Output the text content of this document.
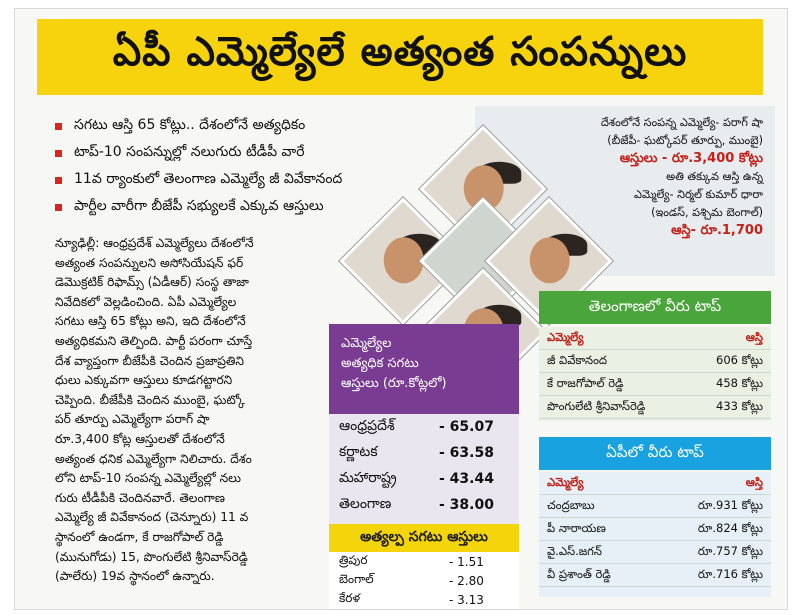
ఏపీ ఎమ్మెల్యేలే అత్యంత సంపన్నులు
సగటు ఆస్తి 65 కోట్లు.. దేశంలోనే అత్యధికం
టాప్-10 సంపన్నుల్లో నలుగురు టీడీపీ వారే
11వ ర్యాంకులో తెలంగాణ ఎమ్మెల్యే జీ వివేకానంద
పార్టీల వారీగా బీజేపీ సభ్యులకే ఎక్కువ ఆస్తులు
న్యూఢిల్లీ: ఆంధ్రప్రదేశ్ ఎమ్మెల్యేలు దేశంలోనే
అత్యంత సంపన్నులని అసోసియేషన్ ఫర్
డెమొక్రటిక్ రిఫామ్స్ (ఏడీఆర్) సంస్థ తాజా
నివేదికలో వెల్లడించింది. ఏపీ ఎమ్మెల్యేల
సగటు ఆస్తి 65 కోట్లు అని, ఇది దేశంలోనే
అత్యధికమని తెల్పింది. పార్టీ పరంగా చూస్తే
దేశ వ్యాప్తంగా బీజేపీకి చెందిన ప్రజాప్రతిని
ధులు ఎక్కువగా ఆస్తులు కూడగట్టారని
చెప్పింది. బీజేపీకి చెందిన ముంబై, ఘట్కో
పర్ తూర్పు ఎమ్మెల్యేగా పరాగ్ షా
రూ.3,400 కోట్ల ఆస్తులతో దేశంలోనే
అత్యంత ధనిక ఎమ్మెల్యేగా నిలిచారు. దేశం
లోని టాప్-10 సంపన్న ఎమ్మెల్యేల్లో నలు
గురు టీడీపీకి చెందినవారే. తెలంగాణ
ఎమ్మెల్యే జీ వివేకానంద (చెన్నూరు) 11 వ
స్థానంలో ఉండగా, కే రాజగోపాల్ రెడ్డి
(మునుగోడు) 15, పొంగులేటి శ్రీనివాస్‌రెడ్డి
(పాలేరు) 19వ స్థానంలో ఉన్నారు.
దేశంలోనే సంపన్న ఎమ్మెల్యే- పరాగ్ షా
(బీజేపీ- ఘట్కోపర్ తూర్పు, ముంబై)
ఆస్తులు - రూ.3,400 కోట్లు
అతి తక్కువ ఆస్తి ఉన్న
ఎమ్మెల్యే- నిర్మల్ కుమార్ ధారా
(ఇండస్, పశ్చిమ బెంగాల్)
ఆస్తి- రూ.1,700
ఎమ్మెల్యేల
అత్యధిక సగటు
ఆస్తులు (రూ.కోట్లలో)
ఆంధ్రప్రదేశ్	- 65.07
కర్ణాటక	- 63.58
మహారాష్ట్ర	- 43.44
తెలంగాణ	- 38.00
అత్యల్ప సగటు ఆస్తులు
త్రిపుర	- 1.51
బెంగాల్	- 2.80
కేరళ	- 3.13
తెలంగాణలో వీరు టాప్
ఎమ్మెల్యే	ఆస్తి
జీ వివేకానంద	606 కోట్లు
కే రాజగోపాల్ రెడ్డి	458 కోట్లు
పొంగులేటి శ్రీనివాస్‌రెడ్డి	433 కోట్లు
ఏపీలో వీరు టాప్
ఎమ్మెల్యే	ఆస్తి
చంద్రబాబు	రూ.931 కోట్లు
పీ నారాయణ	రూ.824 కోట్లు
వై.ఎస్.జగన్	రూ.757 కోట్లు
వీ ప్రశాంత్ రెడ్డి	రూ.716 కోట్లు
